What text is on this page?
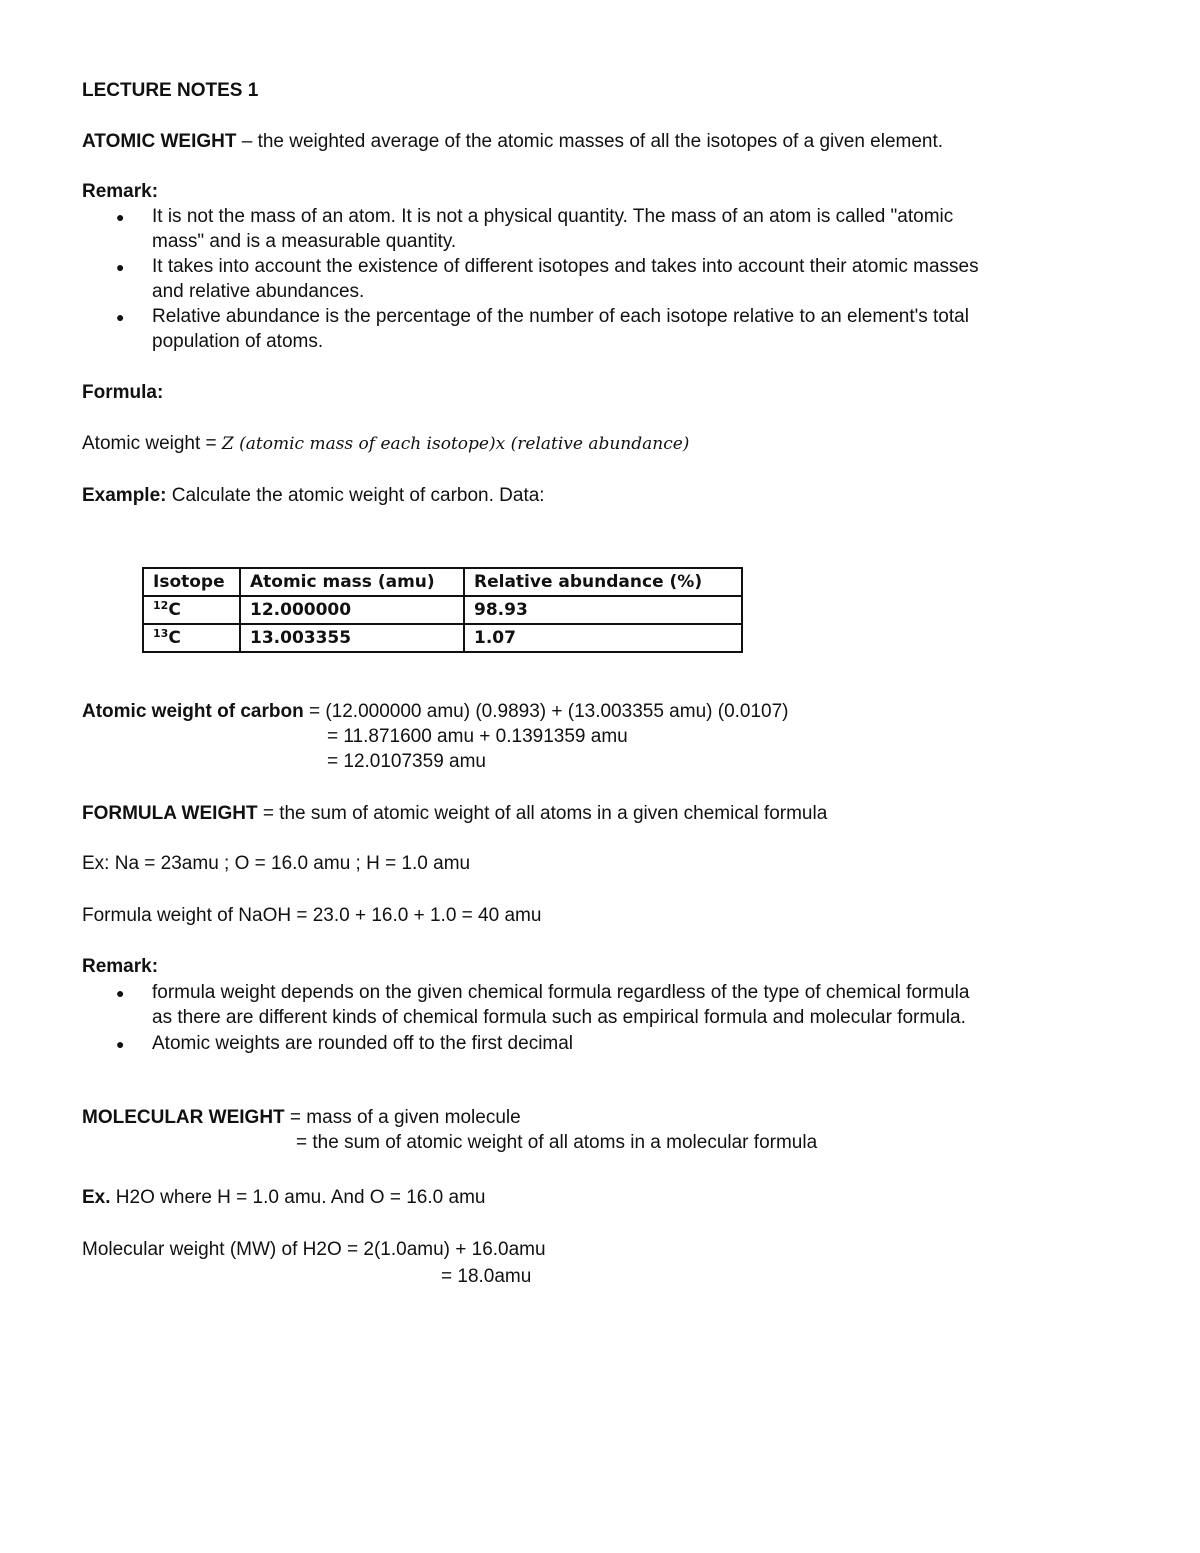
LECTURE NOTES 1
ATOMIC WEIGHT – the weighted average of the atomic masses of all the isotopes of a given element.
Remark:
● It is not the mass of an atom. It is not a physical quantity. The mass of an atom is called "atomic
mass" and is a measurable quantity.
● It takes into account the existence of different isotopes and takes into account their atomic masses
and relative abundances.
● Relative abundance is the percentage of the number of each isotope relative to an element's total
population of atoms.
Formula:
Atomic weight = Z (atomic mass of each isotope)x (relative abundance)
Example: Calculate the atomic weight of carbon. Data:
Isotope	Atomic mass (amu)	Relative abundance (%)
$^{12}$C	12.000000	98.93
$^{13}$C	13.003355	1.07
Atomic weight of carbon = (12.000000 amu) (0.9893) + (13.003355 amu) (0.0107)
= 11.871600 amu + 0.1391359 amu
= 12.0107359 amu
FORMULA WEIGHT = the sum of atomic weight of all atoms in a given chemical formula
Ex: Na = 23amu ; O = 16.0 amu ; H = 1.0 amu
Formula weight of NaOH = 23.0 + 16.0 + 1.0 = 40 amu
Remark:
● formula weight depends on the given chemical formula regardless of the type of chemical formula
as there are different kinds of chemical formula such as empirical formula and molecular formula.
● Atomic weights are rounded off to the first decimal
MOLECULAR WEIGHT = mass of a given molecule
= the sum of atomic weight of all atoms in a molecular formula
Ex. H2O where H = 1.0 amu. And O = 16.0 amu
Molecular weight (MW) of H2O = 2(1.0amu) + 16.0amu
= 18.0amu
